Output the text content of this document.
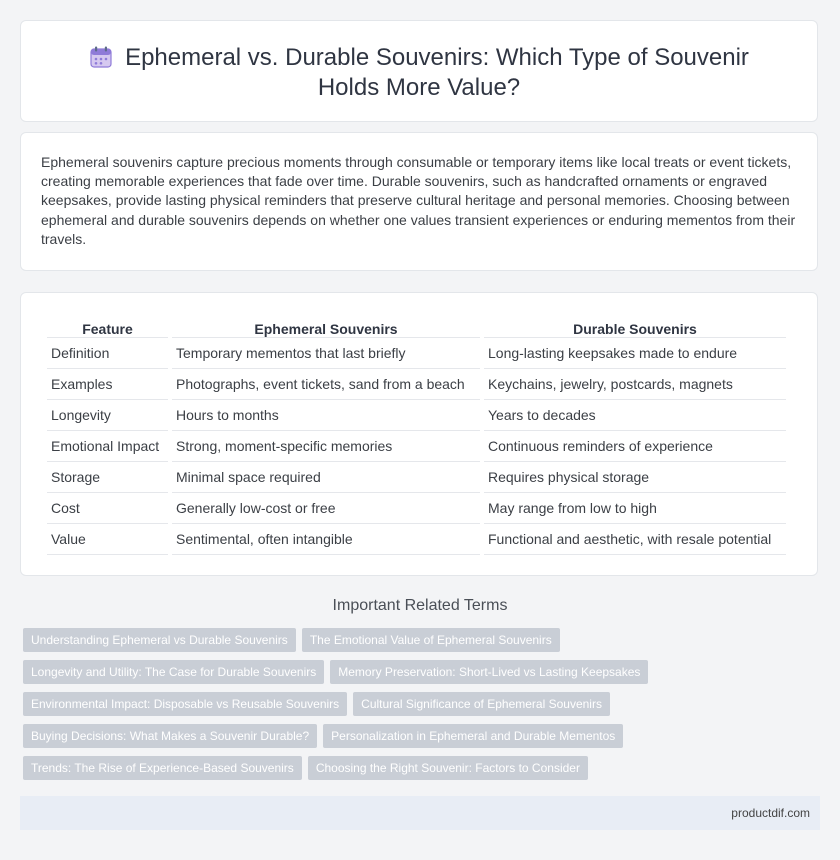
Ephemeral vs. Durable Souvenirs: Which Type of Souvenir Holds More Value?

Ephemeral souvenirs capture precious moments through consumable or temporary items like local treats or event tickets, creating memorable experiences that fade over time. Durable souvenirs, such as handcrafted ornaments or engraved keepsakes, provide lasting physical reminders that preserve cultural heritage and personal memories. Choosing between ephemeral and durable souvenirs depends on whether one values transient experiences or enduring mementos from their travels.

Feature	Ephemeral Souvenirs	Durable Souvenirs
Definition	Temporary mementos that last briefly	Long-lasting keepsakes made to endure
Examples	Photographs, event tickets, sand from a beach	Keychains, jewelry, postcards, magnets
Longevity	Hours to months	Years to decades
Emotional Impact	Strong, moment-specific memories	Continuous reminders of experience
Storage	Minimal space required	Requires physical storage
Cost	Generally low-cost or free	May range from low to high
Value	Sentimental, often intangible	Functional and aesthetic, with resale potential
Important Related Terms
Understanding Ephemeral vs Durable Souvenirs The Emotional Value of Ephemeral Souvenirs
Longevity and Utility: The Case for Durable Souvenirs Memory Preservation: Short-Lived vs Lasting Keepsakes
Environmental Impact: Disposable vs Reusable Souvenirs Cultural Significance of Ephemeral Souvenirs
Buying Decisions: What Makes a Souvenir Durable? Personalization in Ephemeral and Durable Mementos
Trends: The Rise of Experience-Based Souvenirs Choosing the Right Souvenir: Factors to Consider
productdif.com
